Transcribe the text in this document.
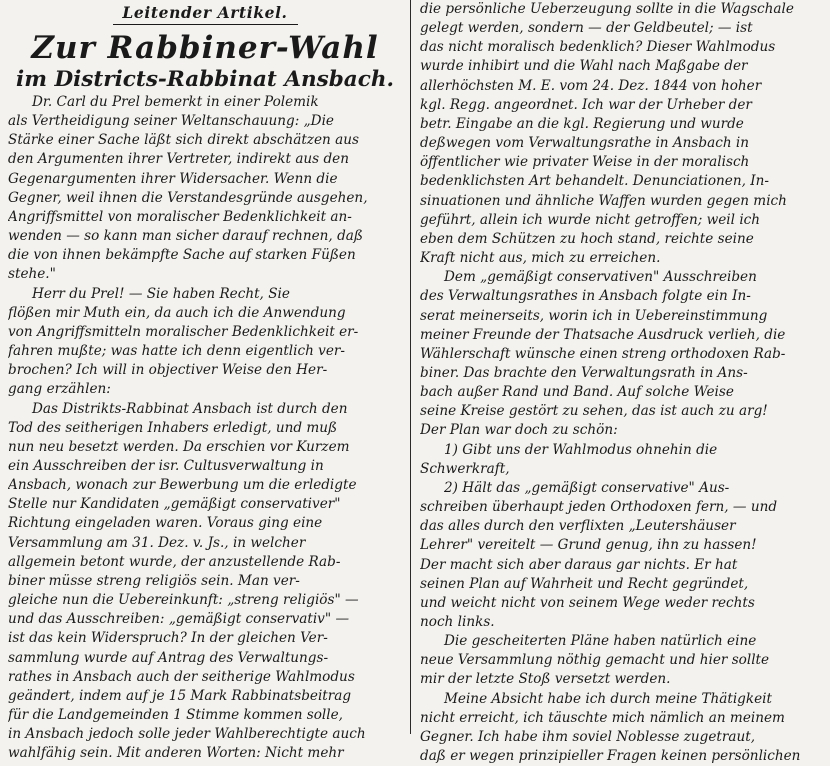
Leitender Artikel.
Zur Rabbiner-Wahl
im Districts-Rabbinat Ansbach.
Dr. Carl du Prel bemerkt in einer Polemik
als Vertheidigung seiner Weltanschauung: „Die
Stärke einer Sache läßt sich direkt abschätzen aus
den Argumenten ihrer Vertreter, indirekt aus den
Gegenargumenten ihrer Widersacher. Wenn die
Gegner, weil ihnen die Verstandesgründe ausgehen,
Angriffsmittel von moralischer Bedenklichkeit an-
wenden — so kann man sicher darauf rechnen, daß
die von ihnen bekämpfte Sache auf starken Füßen
stehe."
Herr du Prel! — Sie haben Recht, Sie
flößen mir Muth ein, da auch ich die Anwendung
von Angriffsmitteln moralischer Bedenklichkeit er-
fahren mußte; was hatte ich denn eigentlich ver-
brochen? Ich will in objectiver Weise den Her-
gang erzählen:
Das Distrikts-Rabbinat Ansbach ist durch den
Tod des seitherigen Inhabers erledigt, und muß
nun neu besetzt werden. Da erschien vor Kurzem
ein Ausschreiben der isr. Cultusverwaltung in
Ansbach, wonach zur Bewerbung um die erledigte
Stelle nur Kandidaten „gemäßigt conservativer"
Richtung eingeladen waren. Voraus ging eine
Versammlung am 31. Dez. v. Js., in welcher
allgemein betont wurde, der anzustellende Rab-
biner müsse streng religiös sein. Man ver-
gleiche nun die Uebereinkunft: „streng religiös" —
und das Ausschreiben: „gemäßigt conservativ" —
ist das kein Widerspruch? In der gleichen Ver-
sammlung wurde auf Antrag des Verwaltungs-
rathes in Ansbach auch der seitherige Wahlmodus
geändert, indem auf je 15 Mark Rabbinatsbeitrag
für die Landgemeinden 1 Stimme kommen solle,
in Ansbach jedoch solle jeder Wahlberechtigte auch
wahlfähig sein. Mit anderen Worten: Nicht mehr
die persönliche Ueberzeugung sollte in die Wagschale
gelegt werden, sondern — der Geldbeutel; — ist
das nicht moralisch bedenklich? Dieser Wahlmodus
wurde inhibirt und die Wahl nach Maßgabe der
allerhöchsten M. E. vom 24. Dez. 1844 von hoher
kgl. Regg. angeordnet. Ich war der Urheber der
betr. Eingabe an die kgl. Regierung und wurde
deßwegen vom Verwaltungsrathe in Ansbach in
öffentlicher wie privater Weise in der moralisch
bedenklichsten Art behandelt. Denunciationen, In-
sinuationen und ähnliche Waffen wurden gegen mich
geführt, allein ich wurde nicht getroffen; weil ich
eben dem Schützen zu hoch stand, reichte seine
Kraft nicht aus, mich zu erreichen.
Dem „gemäßigt conservativen" Ausschreiben
des Verwaltungsrathes in Ansbach folgte ein In-
serat meinerseits, worin ich in Uebereinstimmung
meiner Freunde der Thatsache Ausdruck verlieh, die
Wählerschaft wünsche einen streng orthodoxen Rab-
biner. Das brachte den Verwaltungsrath in Ans-
bach außer Rand und Band. Auf solche Weise
seine Kreise gestört zu sehen, das ist auch zu arg!
Der Plan war doch zu schön:
1) Gibt uns der Wahlmodus ohnehin die
Schwerkraft,
2) Hält das „gemäßigt conservative" Aus-
schreiben überhaupt jeden Orthodoxen fern, — und
das alles durch den verflixten „Leutershäuser
Lehrer" vereitelt — Grund genug, ihn zu hassen!
Der macht sich aber daraus gar nichts. Er hat
seinen Plan auf Wahrheit und Recht gegründet,
und weicht nicht von seinem Wege weder rechts
noch links.
Die gescheiterten Pläne haben natürlich eine
neue Versammlung nöthig gemacht und hier sollte
mir der letzte Stoß versetzt werden.
Meine Absicht habe ich durch meine Thätigkeit
nicht erreicht, ich täuschte mich nämlich an meinem
Gegner. Ich habe ihm soviel Noblesse zugetraut,
daß er wegen prinzipieller Fragen keinen persönlichen
